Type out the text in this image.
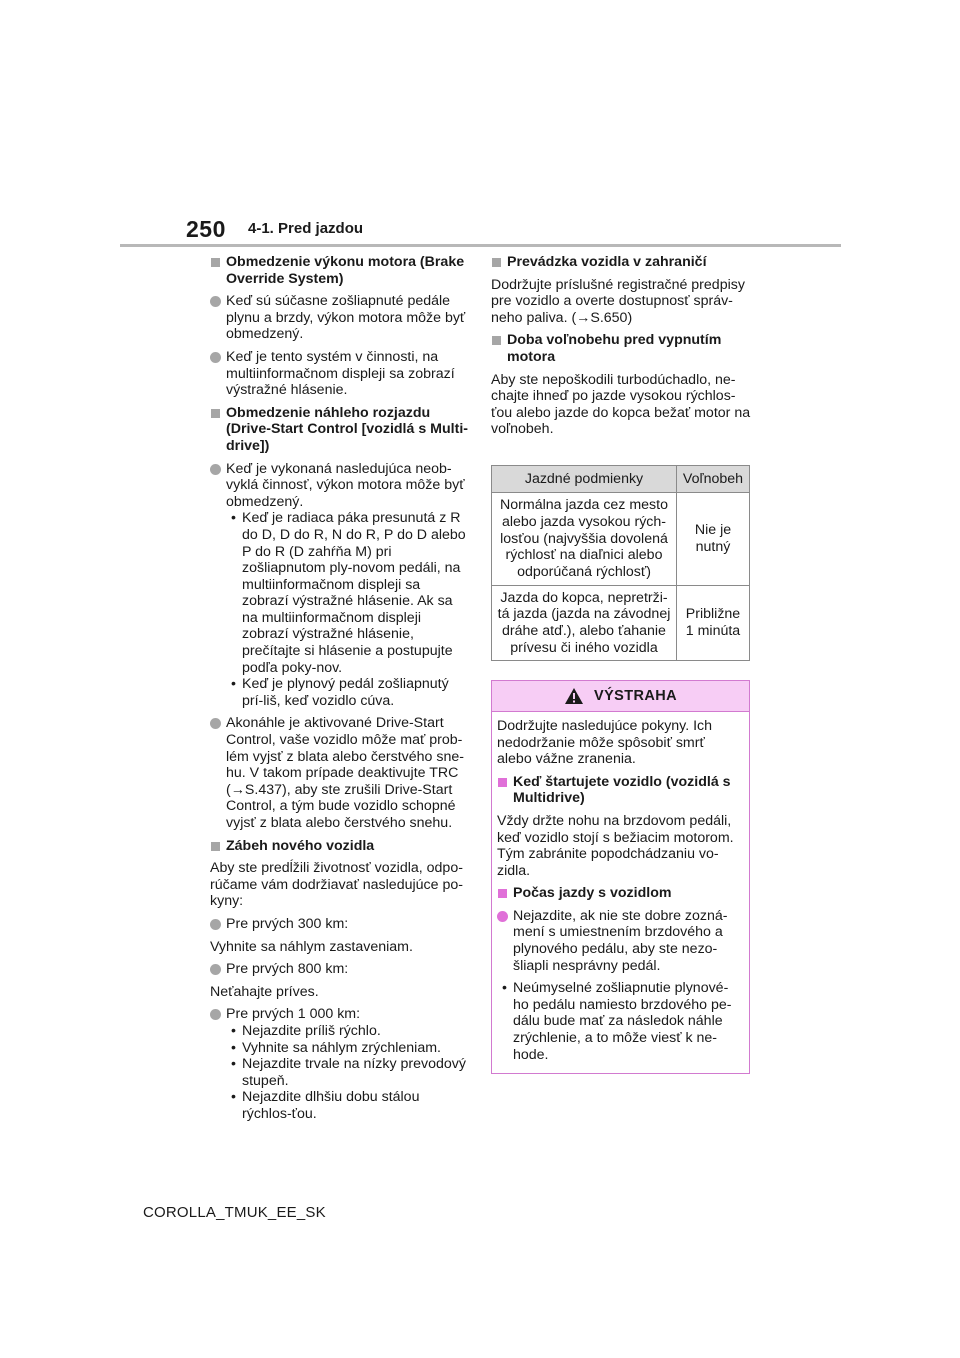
250 4-1. Pred jazdou
Obmedzenie výkonu motora (Brake Override System)
Keď sú súčasne zošliapnuté pedále plynu a brzdy, výkon motora môže byť obmedzený.
Keď je tento systém v činnosti, na multiinformačnom displeji sa zobrazí výstražné hlásenie.
Obmedzenie náhleho rozjazdu (Drive-Start Control [vozidlá s Multi-drive])
Keď je vykonaná nasledujúca neob-vyklá činnosť, výkon motora môže byť obmedzený.
• Keď je radiaca páka presunutá z R do D, D do R, N do R, P do D alebo P do R (D zahŕňa M) pri zošliapnutom ply-novom pedáli, na multiinformačnom displeji sa zobrazí výstražné hlásenie. Ak sa na multiinformačnom displeji zobrazí výstražné hlásenie, prečítajte si hlásenie a postupujte podľa poky-nov.
• Keď je plynový pedál zošliapnutý prí-liš, keď vozidlo cúva.
Akonáhle je aktivované Drive-Start Control, vaše vozidlo môže mať prob-lém vyjsť z blata alebo čerstvého sne-hu. V takom prípade deaktivujte TRC (→S.437), aby ste zrušili Drive-Start Control, a tým bude vozidlo schopné vyjsť z blata alebo čerstvého snehu.
Zábeh nového vozidla
Aby ste predĺžili životnosť vozidla, odpo-rúčame vám dodržiavať nasledujúce po-kyny:
Pre prvých 300 km:
Vyhnite sa náhlym zastaveniam.
Pre prvých 800 km:
Neťahajte príves.
Pre prvých 1 000 km:
• Nejazdite príliš rýchlo.
• Vyhnite sa náhlym zrýchleniam.
• Nejazdite trvale na nízky prevodový stupeň.
• Nejazdite dlhšiu dobu stálou rýchlos-ťou.
Prevádzka vozidla v zahraničí
Dodržujte príslušné registračné predpisy pre vozidlo a overte dostupnosť správ-neho paliva. (→S.650)
Doba voľnobehu pred vypnutím motora
Aby ste nepoškodili turbodúchadlo, ne-chajte ihneď po jazde vysokou rýchlos-ťou alebo jazde do kopca bežať motor na voľnobeh.
Jazdné podmienky	Voľnobeh
Normálna jazda cez mesto alebo jazda vysokou rých-losťou (najvyššia dovolená rýchlosť na diaľnici alebo odporúčaná rýchlosť)	Nie je nutný
Jazda do kopca, nepretrži-tá jazda (jazda na závodnej dráhe atď.), alebo ťahanie prívesu či iného vozidla	Približne 1 minúta
VÝSTRAHA
Dodržujte nasledujúce pokyny. Ich nedodržanie môže spôsobiť smrť alebo vážne zranenia.
Keď štartujete vozidlo (vozidlá s Multidrive)
Vždy držte nohu na brzdovom pedáli, keď vozidlo stojí s bežiacim motorom. Tým zabránite popodchádzaniu vo-zidla.
Počas jazdy s vozidlom
Nejazdite, ak nie ste dobre zozná-mení s umiestnením brzdového a plynového pedálu, aby ste nezo-šliapli nesprávny pedál.
• Neúmyselné zošliapnutie plynové-ho pedálu namiesto brzdového pe-dálu bude mať za následok náhle zrýchlenie, a to môže viesť k ne-hode.
COROLLA_TMUK_EE_SK
